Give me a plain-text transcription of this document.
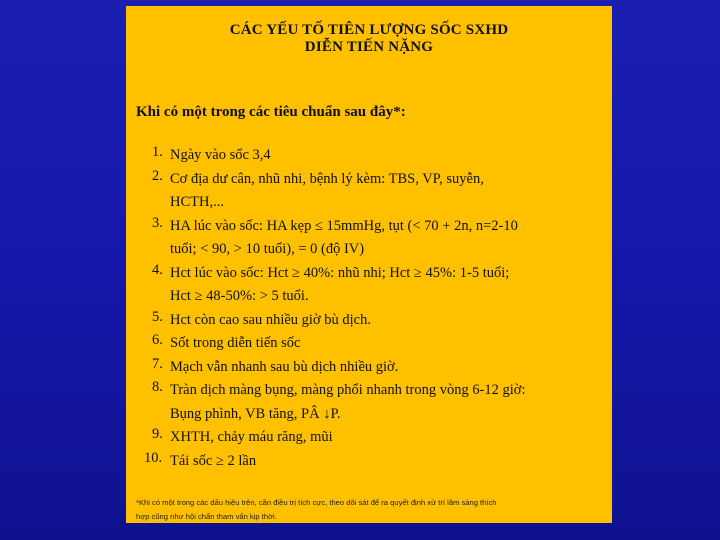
CÁC YẾU TỐ TIÊN LƯỢNG SỐC SXHD
DIỄN TIẾN NẶNG
Khi có một trong các tiêu chuẩn sau đây*:
1. Ngày vào sốc 3,4
2. Cơ địa dư cân, nhũ nhi, bệnh lý kèm: TBS, VP, suyễn,
HCTH,...
3. HA lúc vào sốc: HA kẹp ≤ 15mmHg, tụt (< 70 + 2n, n=2-10
tuổi; < 90, > 10 tuổi), = 0 (độ IV)
4. Hct lúc vào sốc: Hct ≥ 40%: nhũ nhi; Hct ≥ 45%: 1-5 tuổi;
Hct ≥ 48-50%: > 5 tuổi.
5. Hct còn cao sau nhiều giờ bù dịch.
6. Sốt trong diễn tiến sốc
7. Mạch vẫn nhanh sau bù dịch nhiều giờ.
8. Tràn dịch màng bụng, màng phổi nhanh trong vòng 6-12 giờ:
Bụng phình, VB tăng, PÂ ↓P.
9. XHTH, chảy máu răng, mũi
10. Tái sốc ≥ 2 lần
*Khi có một trong các dấu hiệu trên, cần điều trị tích cực, theo dõi sát để ra quyết định xử trí lâm sàng thích
hợp cũng như hội chẩn tham vấn kịp thời.
